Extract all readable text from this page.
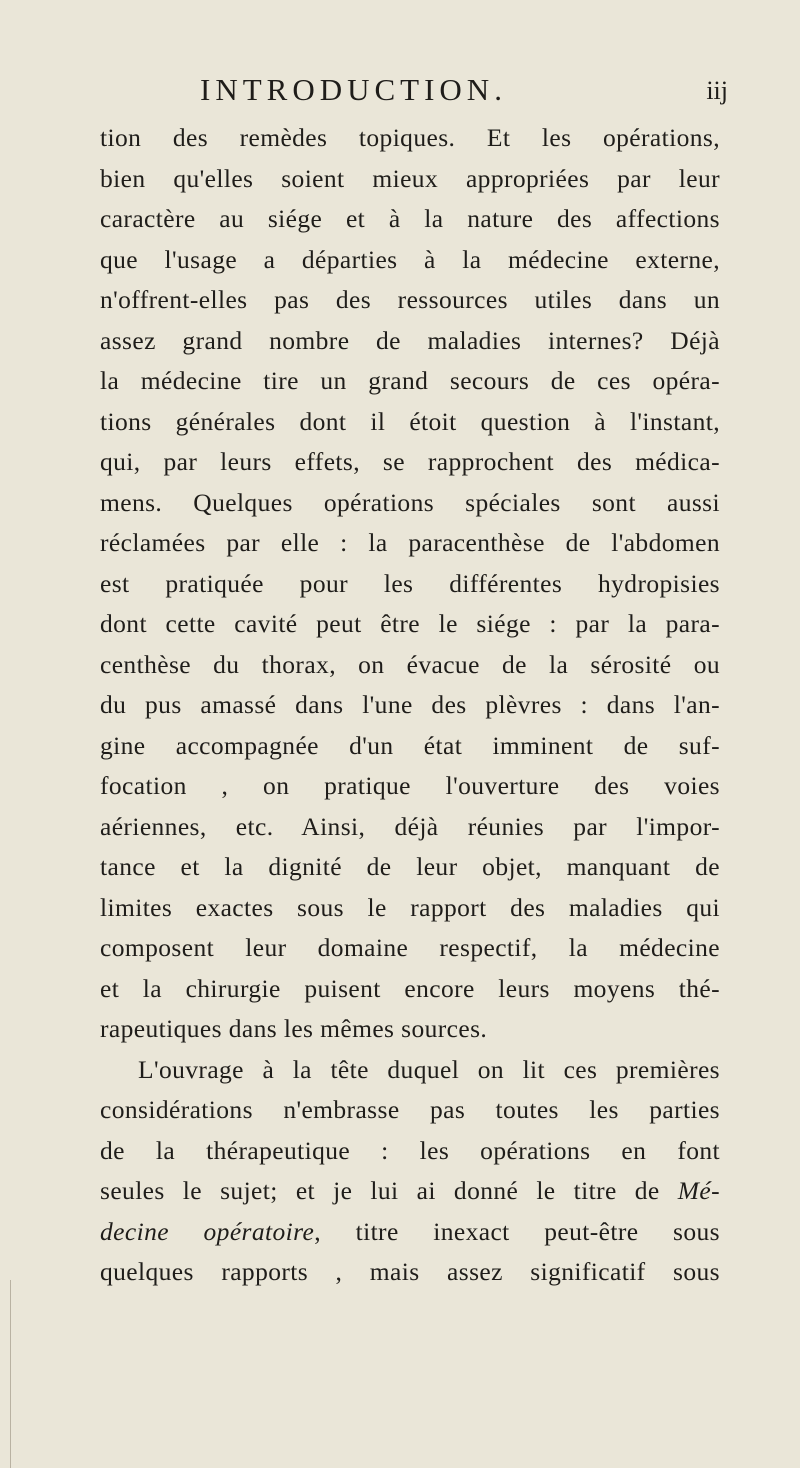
INTRODUCTION.	iij
tion des remèdes topiques. Et les opérations,
bien qu'elles soient mieux appropriées par leur
caractère au siége et à la nature des affections
que l'usage a départies à la médecine externe,
n'offrent-elles pas des ressources utiles dans un
assez grand nombre de maladies internes? Déjà
la médecine tire un grand secours de ces opéra-
tions générales dont il étoit question à l'instant,
qui, par leurs effets, se rapprochent des médica-
mens. Quelques opérations spéciales sont aussi
réclamées par elle : la paracenthèse de l'abdomen
est pratiquée pour les différentes hydropisies
dont cette cavité peut être le siége : par la para-
centhèse du thorax, on évacue de la sérosité ou
du pus amassé dans l'une des plèvres : dans l'an-
gine accompagnée d'un état imminent de suf-
focation , on pratique l'ouverture des voies
aériennes, etc. Ainsi, déjà réunies par l'impor-
tance et la dignité de leur objet, manquant de
limites exactes sous le rapport des maladies qui
composent leur domaine respectif, la médecine
et la chirurgie puisent encore leurs moyens thé-
rapeutiques dans les mêmes sources.
L'ouvrage à la tête duquel on lit ces premières
considérations n'embrasse pas toutes les parties
de la thérapeutique : les opérations en font
seules le sujet; et je lui ai donné le titre de Mé-
decine opératoire, titre inexact peut-être sous
quelques rapports , mais assez significatif sous
